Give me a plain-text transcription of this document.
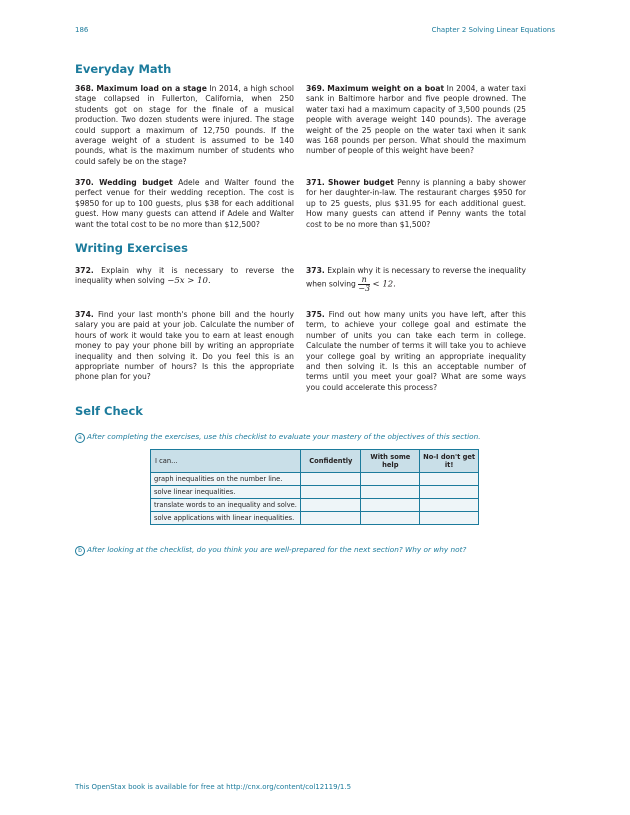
186	Chapter 2 Solving Linear Equations
Everyday Math

368. Maximum load on a stage In 2014, a high school stage collapsed in Fullerton, California, when 250 students got on stage for the finale of a musical production. Two dozen students were injured. The stage could support a maximum of 12,750 pounds. If the average weight of a student is assumed to be 140 pounds, what is the maximum number of students who could safely be on the stage?

369. Maximum weight on a boat In 2004, a water taxi sank in Baltimore harbor and five people drowned. The water taxi had a maximum capacity of 3,500 pounds (25 people with average weight 140 pounds). The average weight of the 25 people on the water taxi when it sank was 168 pounds per person. What should the maximum number of people of this weight have been?

370. Wedding budget Adele and Walter found the perfect venue for their wedding reception. The cost is $9850 for up to 100 guests, plus $38 for each additional guest. How many guests can attend if Adele and Walter want the total cost to be no more than $12,500?

371. Shower budget Penny is planning a baby shower for her daughter-in-law. The restaurant charges $950 for up to 25 guests, plus $31.95 for each additional guest. How many guests can attend if Penny wants the total cost to be no more than $1,500?

Writing Exercises

372. Explain why it is necessary to reverse the inequality when solving −5x > 10.

373. Explain why it is necessary to reverse the inequality when solving $\frac{n}{-3} < 12$.

374. Find your last month's phone bill and the hourly salary you are paid at your job. Calculate the number of hours of work it would take you to earn at least enough money to pay your phone bill by writing an appropriate inequality and then solving it. Do you feel this is an appropriate number of hours? Is this the appropriate phone plan for you?

375. Find out how many units you have left, after this term, to achieve your college goal and estimate the number of units you can take each term in college. Calculate the number of terms it will take you to achieve your college goal by writing an appropriate inequality and then solving it. Is this an acceptable number of terms until you meet your goal? What are some ways you could accelerate this process?

Self Check
a After completing the exercises, use this checklist to evaluate your mastery of the objectives of this section.
I can...	Confidently	With some help	No-I don't get it!
graph inequalities on the number line.			
solve linear inequalities.			
translate words to an inequality and solve.			
solve applications with linear inequalities.			
b After looking at the checklist, do you think you are well-prepared for the next section? Why or why not?
This OpenStax book is available for free at http://cnx.org/content/col12119/1.5
